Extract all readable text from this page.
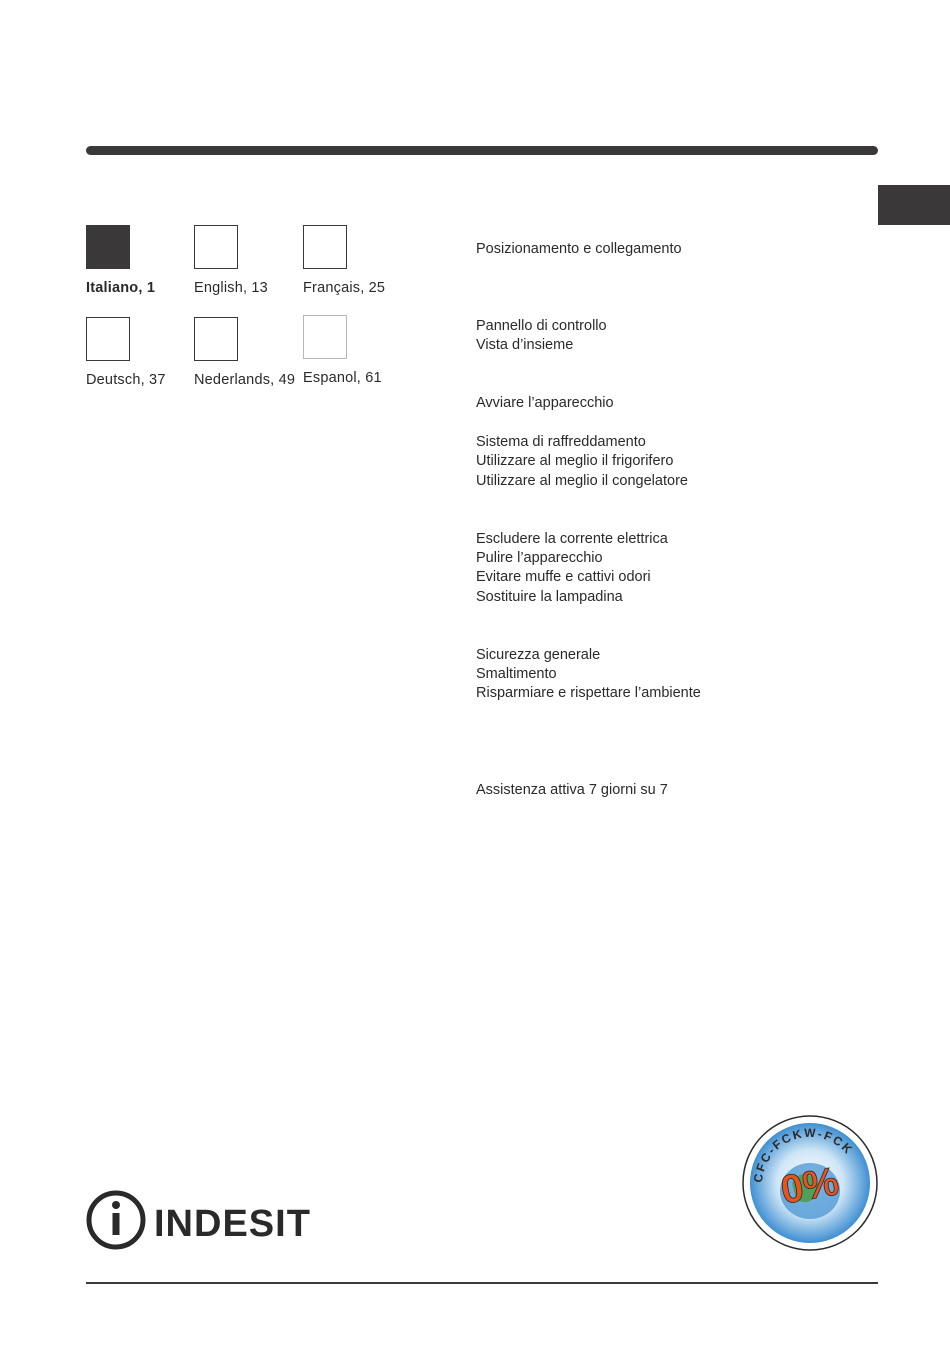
Italiano, 1	English, 13 Français, 25
Deutsch, 37 Nederlands, 49 Espanol, 61
Posizionamento e collegamento
Pannello di controllo
Vista d’insieme
Avviare l’apparecchio
Sistema di raffreddamento
Utilizzare al meglio il frigorifero
Utilizzare al meglio il congelatore
Escludere la corrente elettrica
Pulire l’apparecchio
Evitare muffe e cattivi odori
Sostituire la lampadina
Sicurezza generale
Smaltimento
Risparmiare e rispettare l’ambiente
Assistenza attiva 7 giorni su 7
INDESIT
CFC-FCKW-FCK
0%
